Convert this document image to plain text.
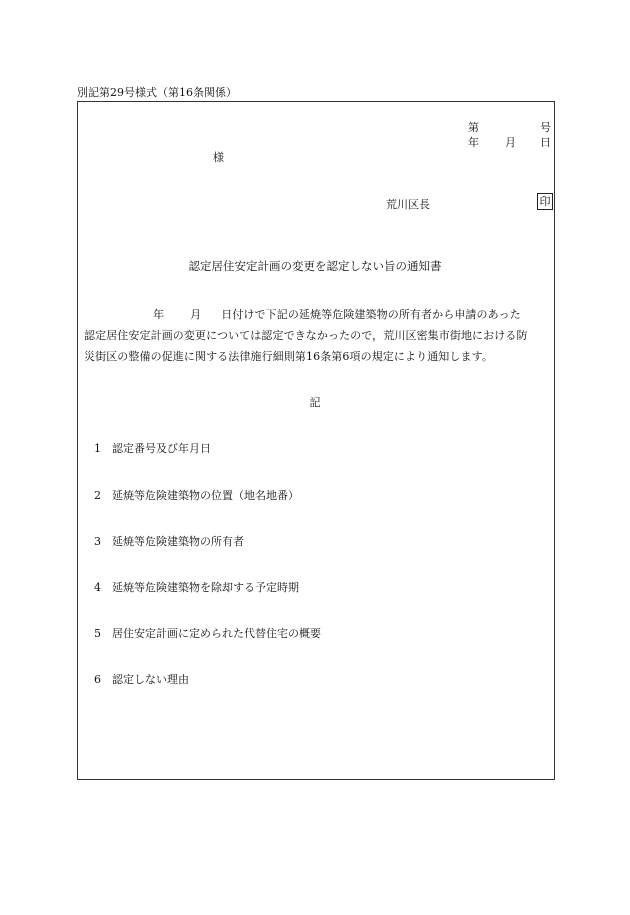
別記第29号様式（第16条関係）
第	号
年 月 日
様
荒川区長	印
認定居住安定計画の変更を認定しない旨の通知書
年 月 日付けで下記の延焼等危険建築物の所有者から申請のあった
認定居住安定計画の変更については認定できなかったので，荒川区密集市街地における防
災街区の整備の促進に関する法律施行細則第16条第6項の規定により通知します。
記
1 認定番号及び年月日
2 延焼等危険建築物の位置（地名地番）
3 延焼等危険建築物の所有者
4 延焼等危険建築物を除却する予定時期
5 居住安定計画に定められた代替住宅の概要
6 認定しない理由
